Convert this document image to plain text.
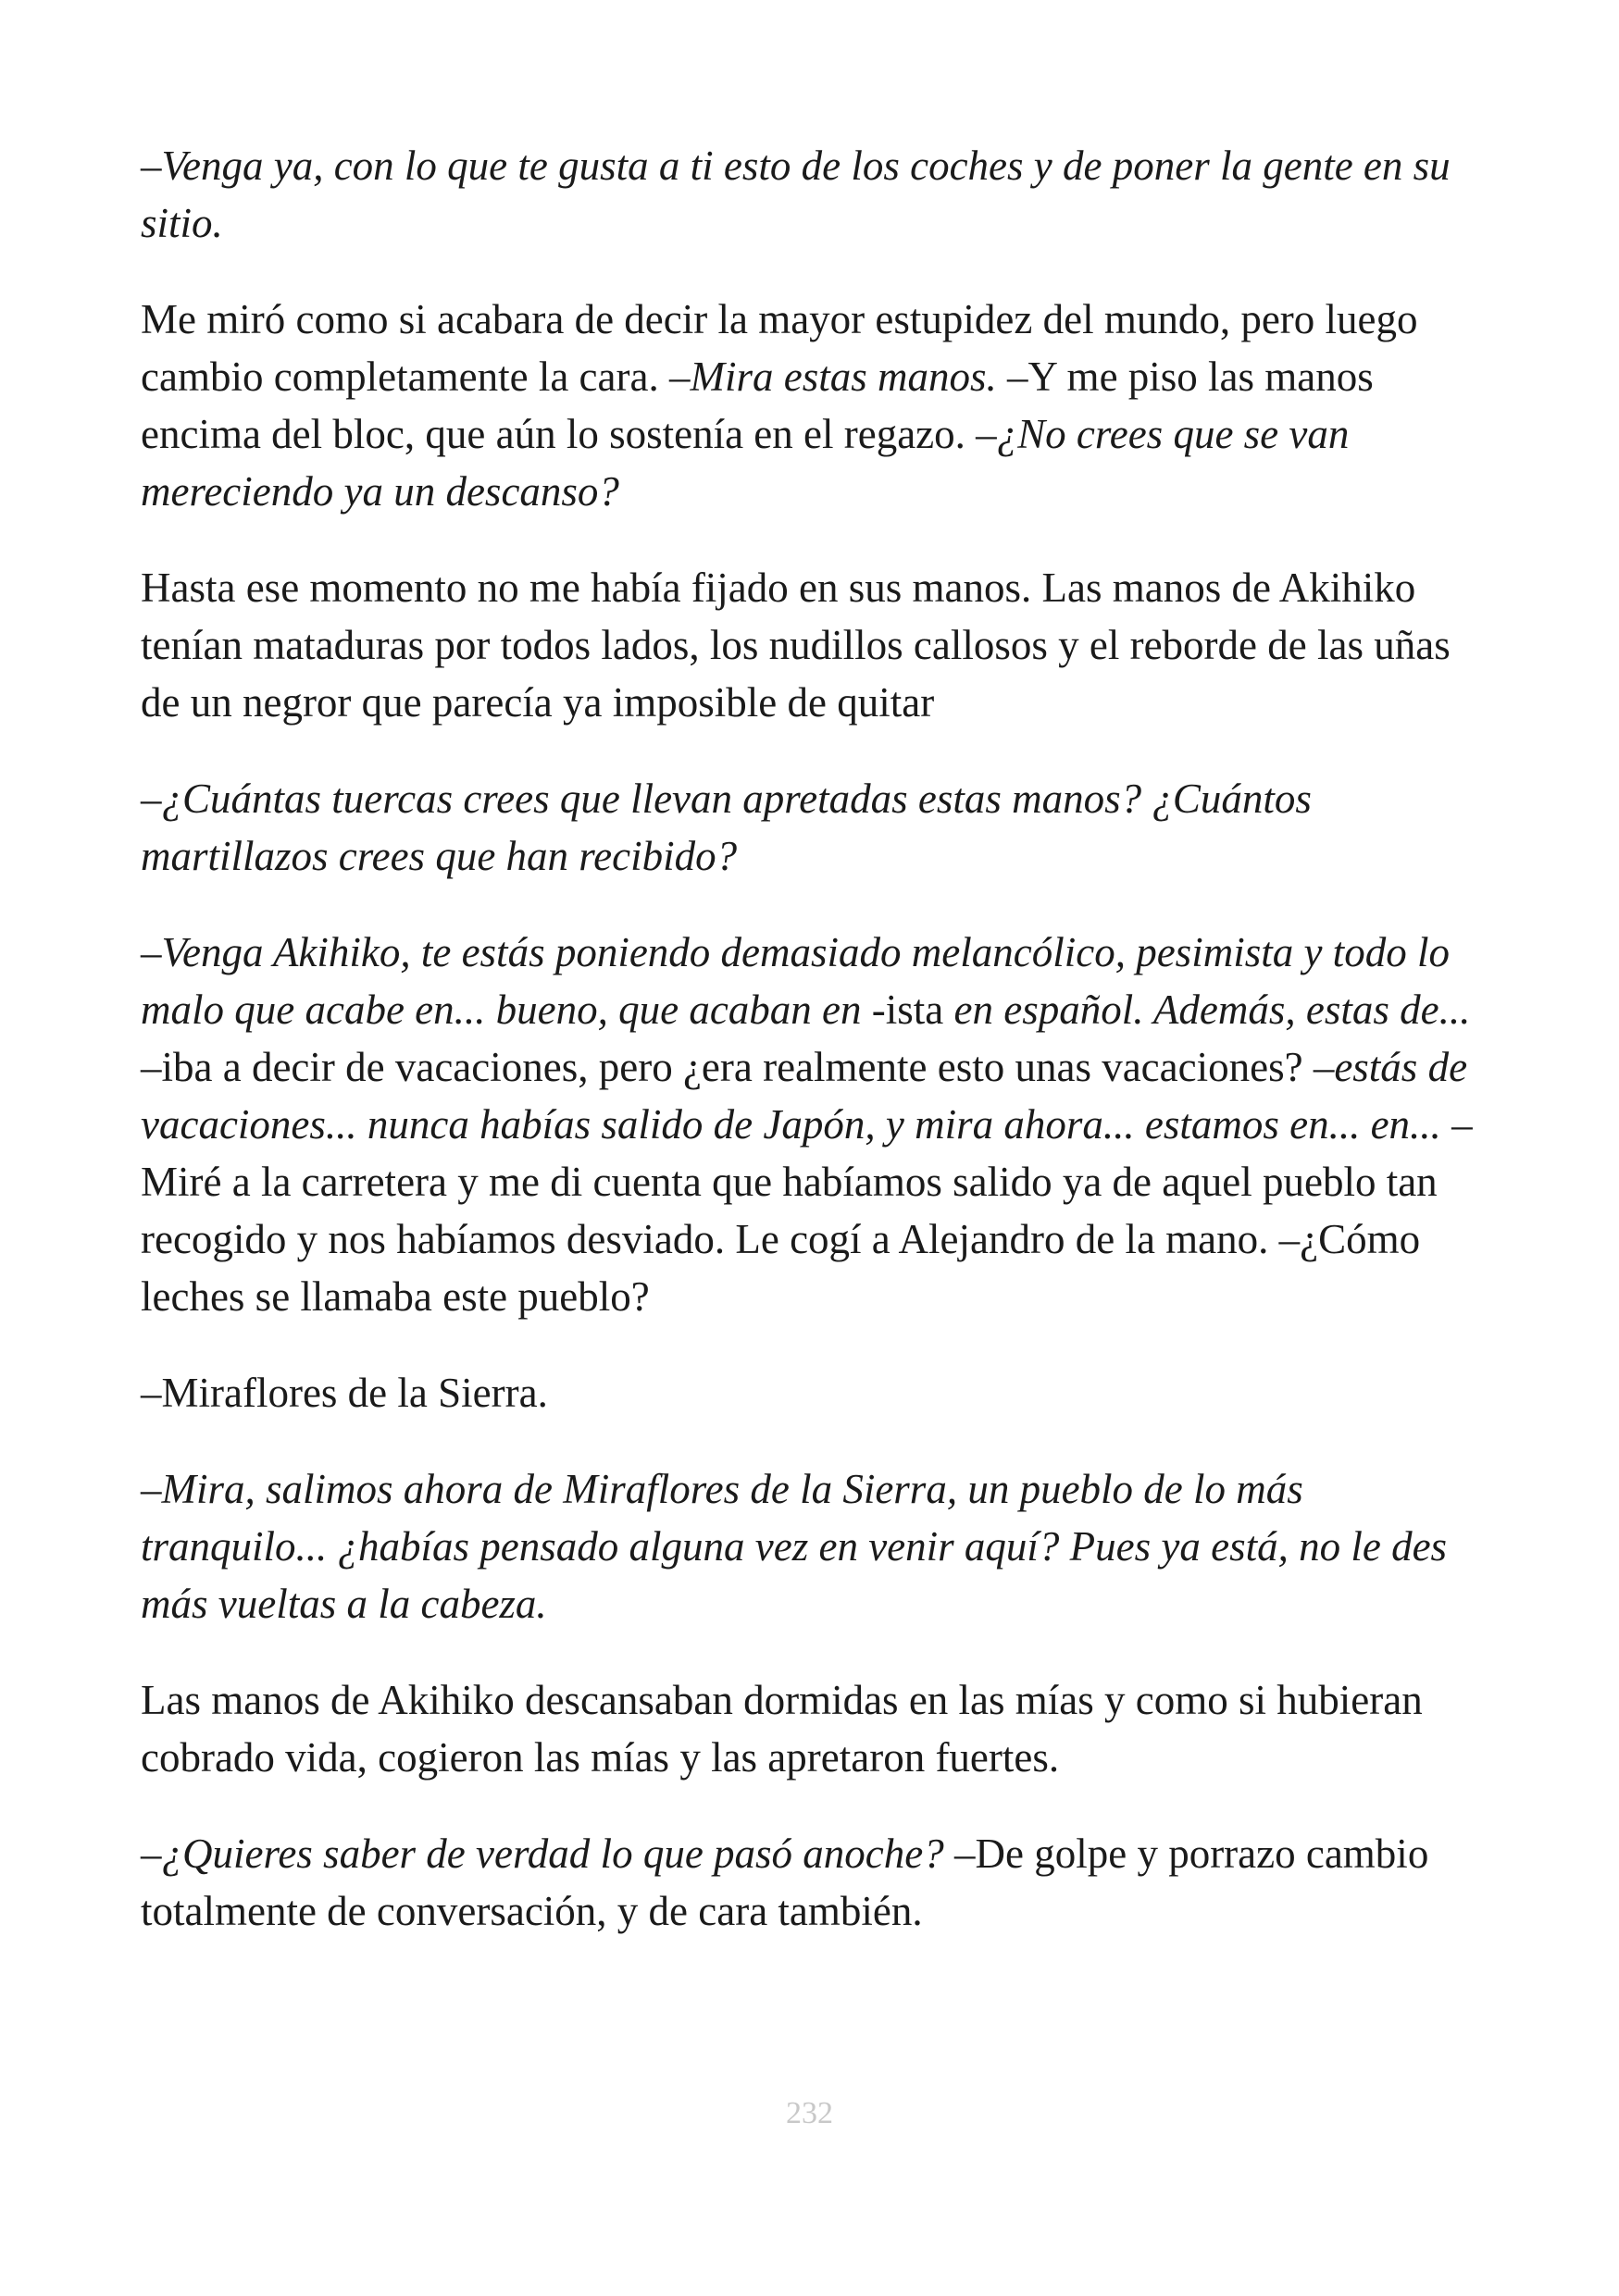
–Venga ya, con lo que te gusta a ti esto de los coches y de poner la gente en su sitio.

Me miró como si acabara de decir la mayor estupidez del mundo, pero luego cambio completamente la cara. –Mira estas manos. –Y me piso las manos encima del bloc, que aún lo sostenía en el regazo. –¿No crees que se van mereciendo ya un descanso?

Hasta ese momento no me había fijado en sus manos. Las manos de Akihiko tenían mataduras por todos lados, los nudillos callosos y el reborde de las uñas de un negror que parecía ya imposible de quitar

–¿Cuántas tuercas crees que llevan apretadas estas manos? ¿Cuántos martillazos crees que han recibido?

–Venga Akihiko, te estás poniendo demasiado melancólico, pesimista y todo lo malo que acabe en... bueno, que acaban en -ista en español. Además, estas de... –iba a decir de vacaciones, pero ¿era realmente esto unas vacaciones? –estás de vacaciones... nunca habías salido de Japón, y mira ahora... estamos en... en... –Miré a la carretera y me di cuenta que habíamos salido ya de aquel pueblo tan recogido y nos habíamos desviado. Le cogí a Alejandro de la mano. –¿Cómo leches se llamaba este pueblo?

–Miraflores de la Sierra.

–Mira, salimos ahora de Miraflores de la Sierra, un pueblo de lo más tranquilo... ¿habías pensado alguna vez en venir aquí? Pues ya está, no le des más vueltas a la cabeza.

Las manos de Akihiko descansaban dormidas en las mías y como si hubieran cobrado vida, cogieron las mías y las apretaron fuertes.

–¿Quieres saber de verdad lo que pasó anoche? –De golpe y porrazo cambio totalmente de conversación, y de cara también.

232
